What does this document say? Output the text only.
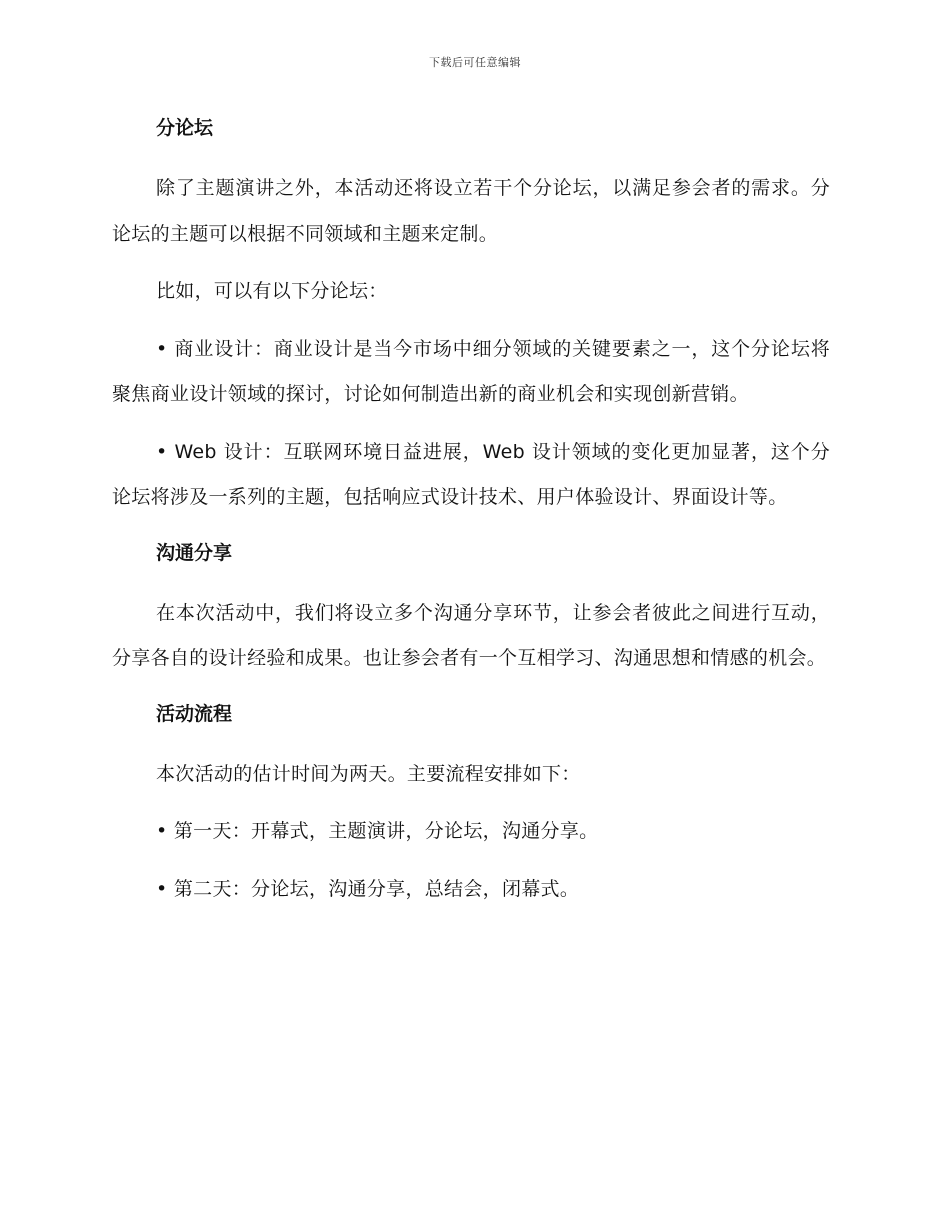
下载后可任意编辑
分论坛

除了主题演讲之外，本活动还将设立若干个分论坛，以满足参会者的需求。分论坛的主题可以根据不同领域和主题来定制。

比如，可以有以下分论坛：

• 商业设计：商业设计是当今市场中细分领域的关键要素之一，这个分论坛将聚焦商业设计领域的探讨，讨论如何制造出新的商业机会和实现创新营销。

• Web 设计：互联网环境日益进展，Web 设计领域的变化更加显著，这个分论坛将涉及一系列的主题，包括响应式设计技术、用户体验设计、界面设计等。

沟通分享

在本次活动中，我们将设立多个沟通分享环节，让参会者彼此之间进行互动，分享各自的设计经验和成果。也让参会者有一个互相学习、沟通思想和情感的机会。

活动流程

本次活动的估计时间为两天。主要流程安排如下：

• 第一天：开幕式，主题演讲，分论坛，沟通分享。

• 第二天：分论坛，沟通分享，总结会，闭幕式。
